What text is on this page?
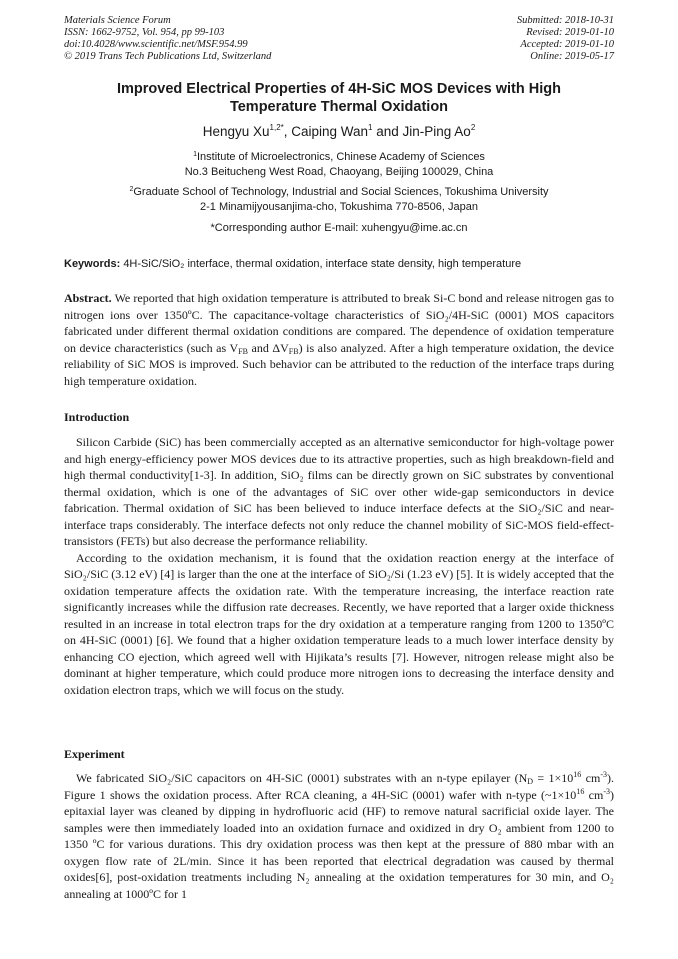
Materials Science Forum
ISSN: 1662-9752, Vol. 954, pp 99-103
doi:10.4028/www.scientific.net/MSF.954.99
© 2019 Trans Tech Publications Ltd, Switzerland
Submitted: 2018-10-31
Revised: 2019-01-10
Accepted: 2019-01-10
Online: 2019-05-17
Improved Electrical Properties of 4H-SiC MOS Devices with High
Temperature Thermal Oxidation
Hengyu $Xu^{1,2*}$, Caiping Wan$^1$ and Jin-Ping Ao$^2$
$^1$Institute of Microelectronics, Chinese Academy of Sciences
No.3 Beitucheng West Road, Chaoyang, Beijing 100029, China
$^2$Graduate School of Technology, Industrial and Social Sciences, Tokushima University
2-1 Minamijyousanjima-cho, Tokushima 770-8506, Japan
*Corresponding author E-mail: xuhengyu@ime.ac.cn
Keywords: 4H-SiC/SiO₂ interface, thermal oxidation, interface state density, high temperature

Abstract. We reported that high oxidation temperature is attributed to break Si-C bond and release nitrogen gas to nitrogen ions over 1350ºC. The capacitance-voltage characteristics of SiO₂/4H-SiC (0001) MOS capacitors fabricated under different thermal oxidation conditions are compared. The dependence of oxidation temperature on device characteristics (such as $V_{FB}$ and $\Delta V_{FB}$) is also analyzed. After a high temperature oxidation, the device reliability of SiC MOS is improved. Such behavior can be attributed to the reduction of the interface traps during high temperature oxidation.

Introduction

Silicon Carbide (SiC) has been commercially accepted as an alternative semiconductor for high-voltage power and high energy-efficiency power MOS devices due to its attractive properties, such as high breakdown-field and high thermal conductivity[1-3]. In addition, SiO₂ films can be directly grown on SiC substrates by conventional thermal oxidation, which is one of the advantages of SiC over other wide-gap semiconductors in device fabrication. Thermal oxidation of SiC has been believed to induce interface defects at the SiO₂/SiC and near-interface traps considerably. The interface defects not only reduce the channel mobility of SiC-MOS field-effect-transistors (FETs) but also decrease the performance reliability.

According to the oxidation mechanism, it is found that the oxidation reaction energy at the interface of SiO₂/SiC (3.12 eV) [4] is larger than the one at the interface of SiO₂/Si (1.23 eV) [5]. It is widely accepted that the oxidation temperature affects the oxidation rate. With the temperature increasing, the interface reaction rate significantly increases while the diffusion rate decreases. Recently, we have reported that a larger oxide thickness resulted in an increase in total electron traps for the dry oxidation at a temperature ranging from 1200 to 1350ºC on 4H-SiC (0001) [6]. We found that a higher oxidation temperature leads to a much lower interface density by enhancing CO ejection, which agreed well with Hijikata’s results [7]. However, nitrogen release might also be dominant at higher temperature, which could produce more nitrogen ions to decreasing the interface density and oxidation electron traps, which we will focus on the study.

Experiment

We fabricated SiO₂/SiC capacitors on 4H-SiC (0001) substrates with an n-type epilayer ($N_D = 1\times 10^{16}$ $cm^{-3}$). Figure 1 shows the oxidation process. After RCA cleaning, a 4H-SiC (0001) wafer with n-type ($\sim 1\times 10^{16}$ $cm^{-3}$) epitaxial layer was cleaned by dipping in hydrofluoric acid (HF) to remove natural sacrificial oxide layer. The samples were then immediately loaded into an oxidation furnace and oxidized in dry O₂ ambient from 1200 to 1350 ºC for various durations. This dry oxidation process was then kept at the pressure of 880 mbar with an oxygen flow rate of 2L/min. Since it has been reported that electrical degradation was caused by thermal oxides[6], post-oxidation treatments including N₂ annealing at the oxidation temperatures for 30 min, and O₂ annealing at 1000ºC for 1
